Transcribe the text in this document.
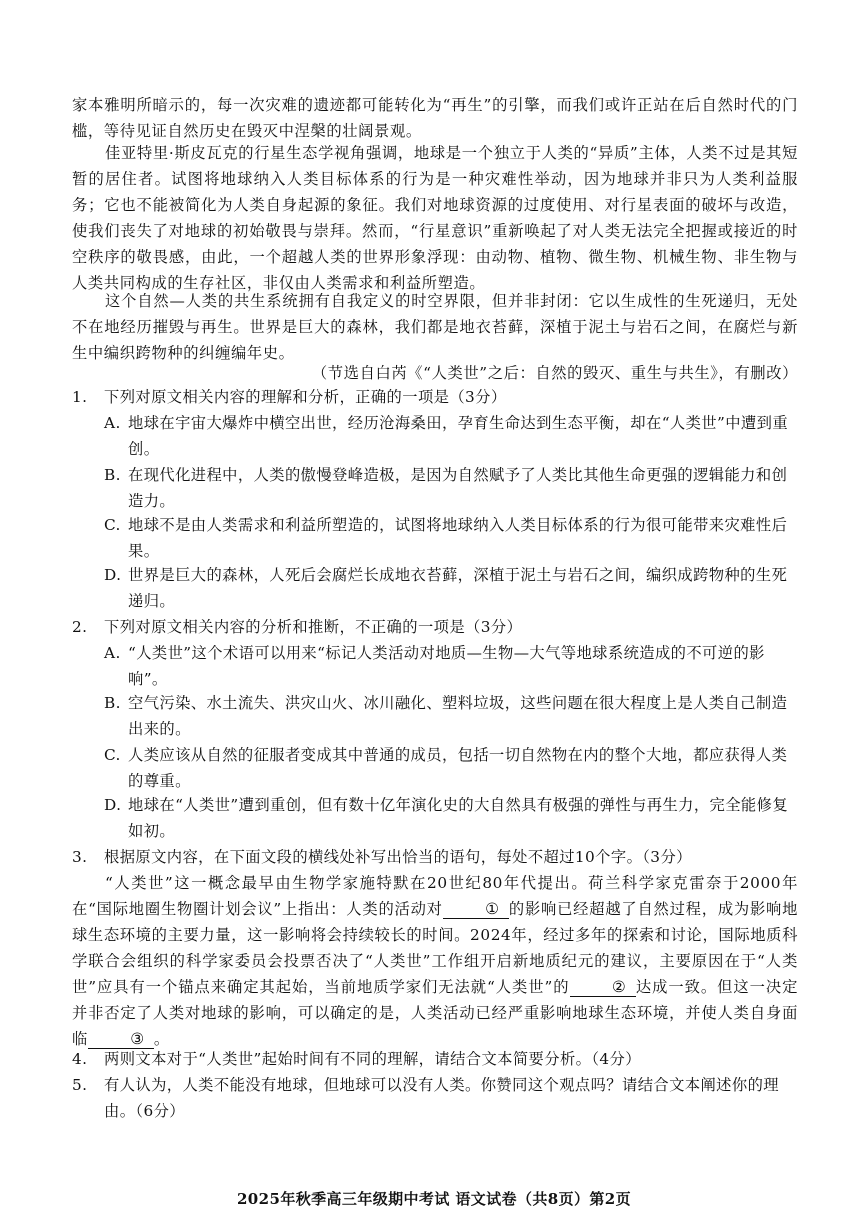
家本雅明所暗示的，每一次灾难的遗迹都可能转化为“再生”的引擎，而我们或许正站在后自然时代的门槛，等待见证自然历史在毁灭中涅槃的壮阔景观。
佳亚特里·斯皮瓦克的行星生态学视角强调，地球是一个独立于人类的“异质”主体，人类不过是其短暂的居住者。试图将地球纳入人类目标体系的行为是一种灾难性举动，因为地球并非只为人类利益服务；它也不能被简化为人类自身起源的象征。我们对地球资源的过度使用、对行星表面的破坏与改造，使我们丧失了对地球的初始敬畏与崇拜。然而，“行星意识”重新唤起了对人类无法完全把握或接近的时空秩序的敬畏感，由此，一个超越人类的世界形象浮现：由动物、植物、微生物、机械生物、非生物与人类共同构成的生存社区，非仅由人类需求和利益所塑造。
这个自然—人类的共生系统拥有自我定义的时空界限，但并非封闭：它以生成性的生死递归，无处不在地经历摧毁与再生。世界是巨大的森林，我们都是地衣苔藓，深植于泥土与岩石之间，在腐烂与新生中编织跨物种的纠缠编年史。
（节选自白芮《“人类世”之后：自然的毁灭、重生与共生》，有删改）
1.	下列对原文相关内容的理解和分析，正确的一项是（3分）
A. 地球在宇宙大爆炸中横空出世，经历沧海桑田，孕育生命达到生态平衡，却在“人类世”中遭到重创。
B. 在现代化进程中，人类的傲慢登峰造极，是因为自然赋予了人类比其他生命更强的逻辑能力和创造力。
C. 地球不是由人类需求和利益所塑造的，试图将地球纳入人类目标体系的行为很可能带来灾难性后果。
D. 世界是巨大的森林，人死后会腐烂长成地衣苔藓，深植于泥土与岩石之间，编织成跨物种的生死递归。
2.	下列对原文相关内容的分析和推断，不正确的一项是（3分）
A. “人类世”这个术语可以用来“标记人类活动对地质—生物—大气等地球系统造成的不可逆的影响”。
B. 空气污染、水土流失、洪灾山火、冰川融化、塑料垃圾，这些问题在很大程度上是人类自己制造出来的。
C. 人类应该从自然的征服者变成其中普通的成员，包括一切自然物在内的整个大地，都应获得人类的尊重。
D. 地球在“人类世”遭到重创，但有数十亿年演化史的大自然具有极强的弹性与再生力，完全能修复如初。
3.	根据原文内容，在下面文段的横线处补写出恰当的语句，每处不超过10个字。（3分）
“人类世”这一概念最早由生物学家施特默在20世纪80年代提出。荷兰科学家克雷奈于2000年在“国际地圈生物圈计划会议”上指出：人类的活动对	① 的影响已经超越了自然过程，成为影响地球生态环境的主要力量，这一影响将会持续较长的时间。2024年，经过多年的探索和讨论，国际地质科学联合会组织的科学家委员会投票否决了“人类世”工作组开启新地质纪元的建议，主要原因在于“人类世”应具有一个锚点来确定其起始，当前地质学家们无法就“人类世”的	② 达成一致。但这一决定并非否定了人类对地球的影响，可以确定的是，人类活动已经严重影响地球生态环境，并使人类自身面临	③ 。
4.	两则文本对于“人类世”起始时间有不同的理解，请结合文本简要分析。（4分）
5.	有人认为，人类不能没有地球，但地球可以没有人类。你赞同这个观点吗？请结合文本阐述你的理由。（6分）
2025年秋季高三年级期中考试 语文试卷（共8页）第2页
